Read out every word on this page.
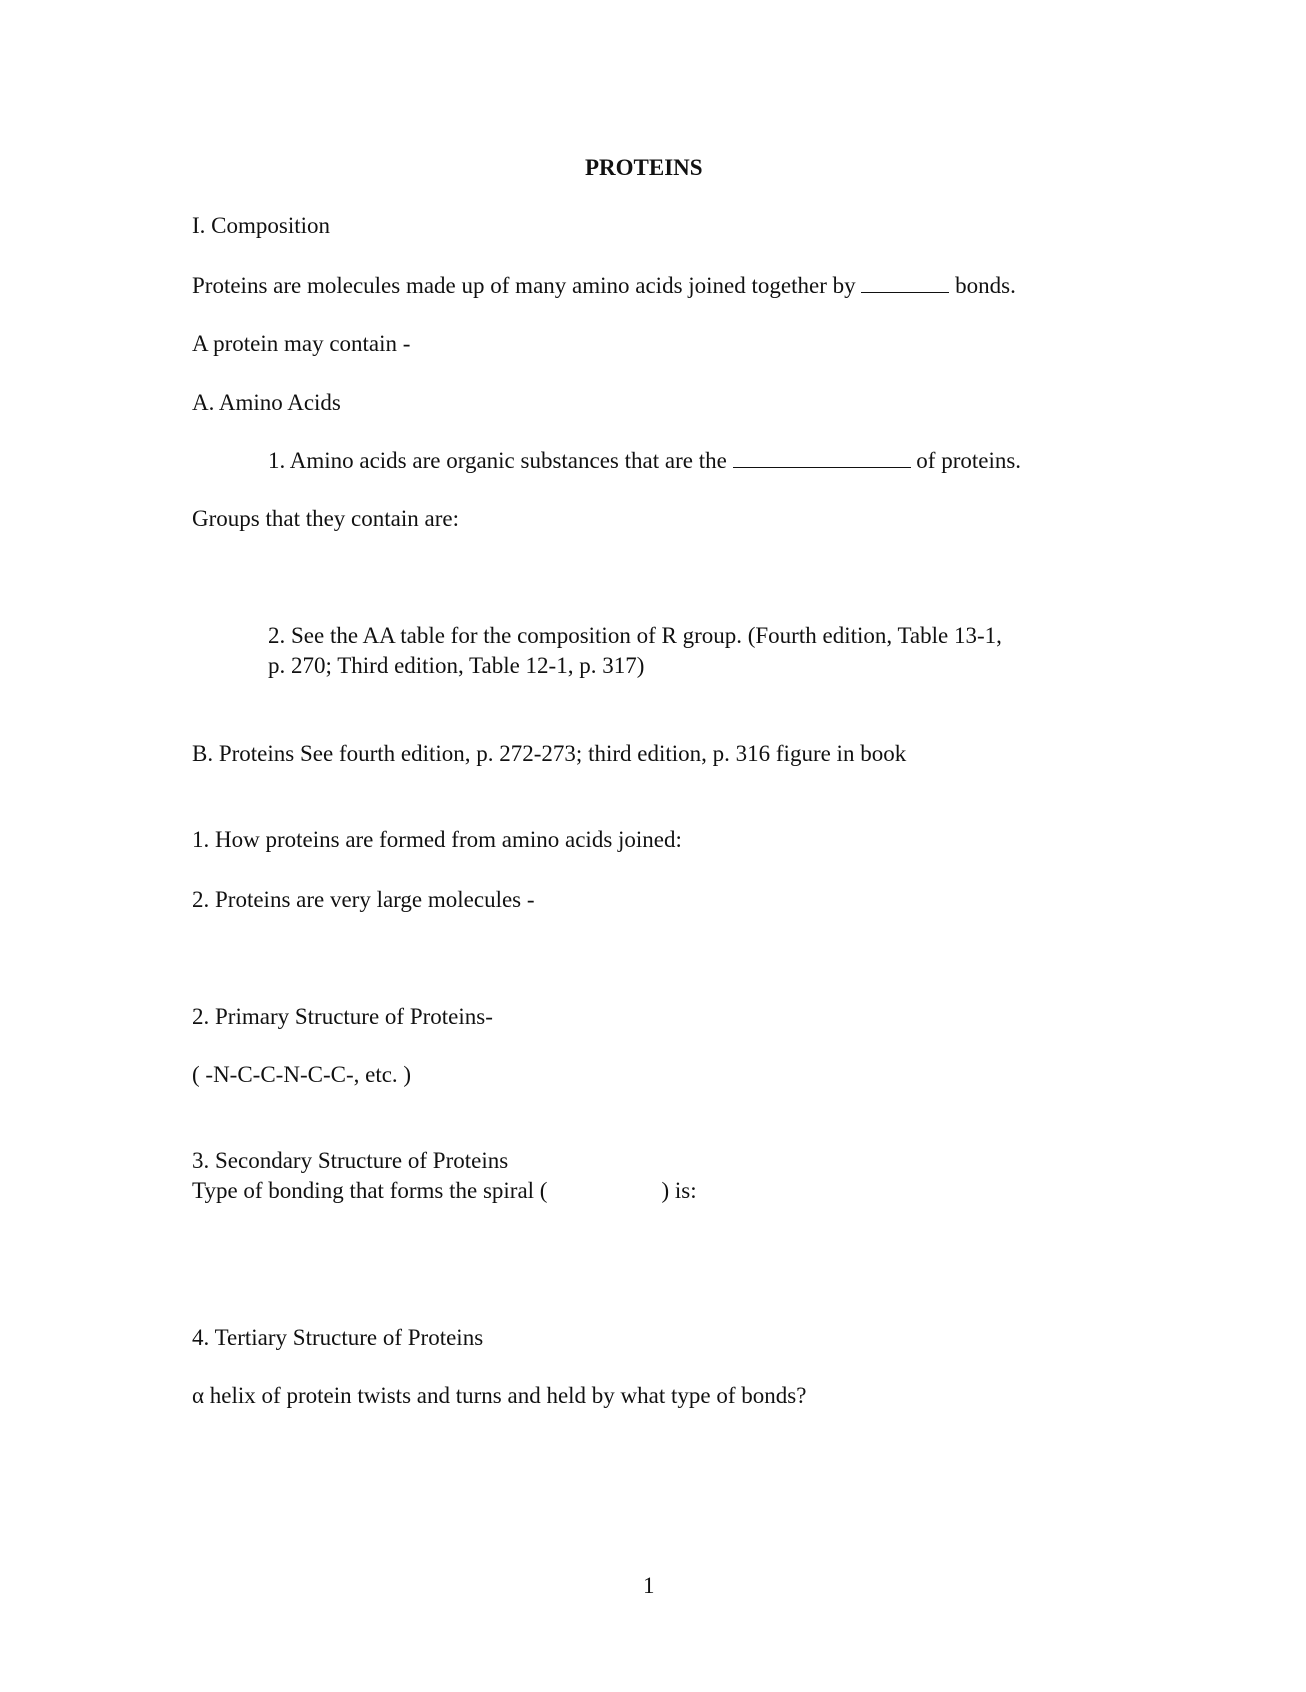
PROTEINS
I. Composition
Proteins are molecules made up of many amino acids joined together by	bonds.
A protein may contain -
A. Amino Acids
1. Amino acids are organic substances that are the	of proteins.
Groups that they contain are:
2. See the AA table for the composition of R group. (Fourth edition, Table 13-1,
p. 270; Third edition, Table 12-1, p. 317)
B. Proteins See fourth edition, p. 272-273; third edition, p. 316 figure in book
1. How proteins are formed from amino acids joined:
2. Proteins are very large molecules -
2. Primary Structure of Proteins-
( -N-C-C-N-C-C-, etc. )
3. Secondary Structure of Proteins
Type of bonding that forms the spiral (	) is:
4. Tertiary Structure of Proteins
α helix of protein twists and turns and held by what type of bonds?
1
